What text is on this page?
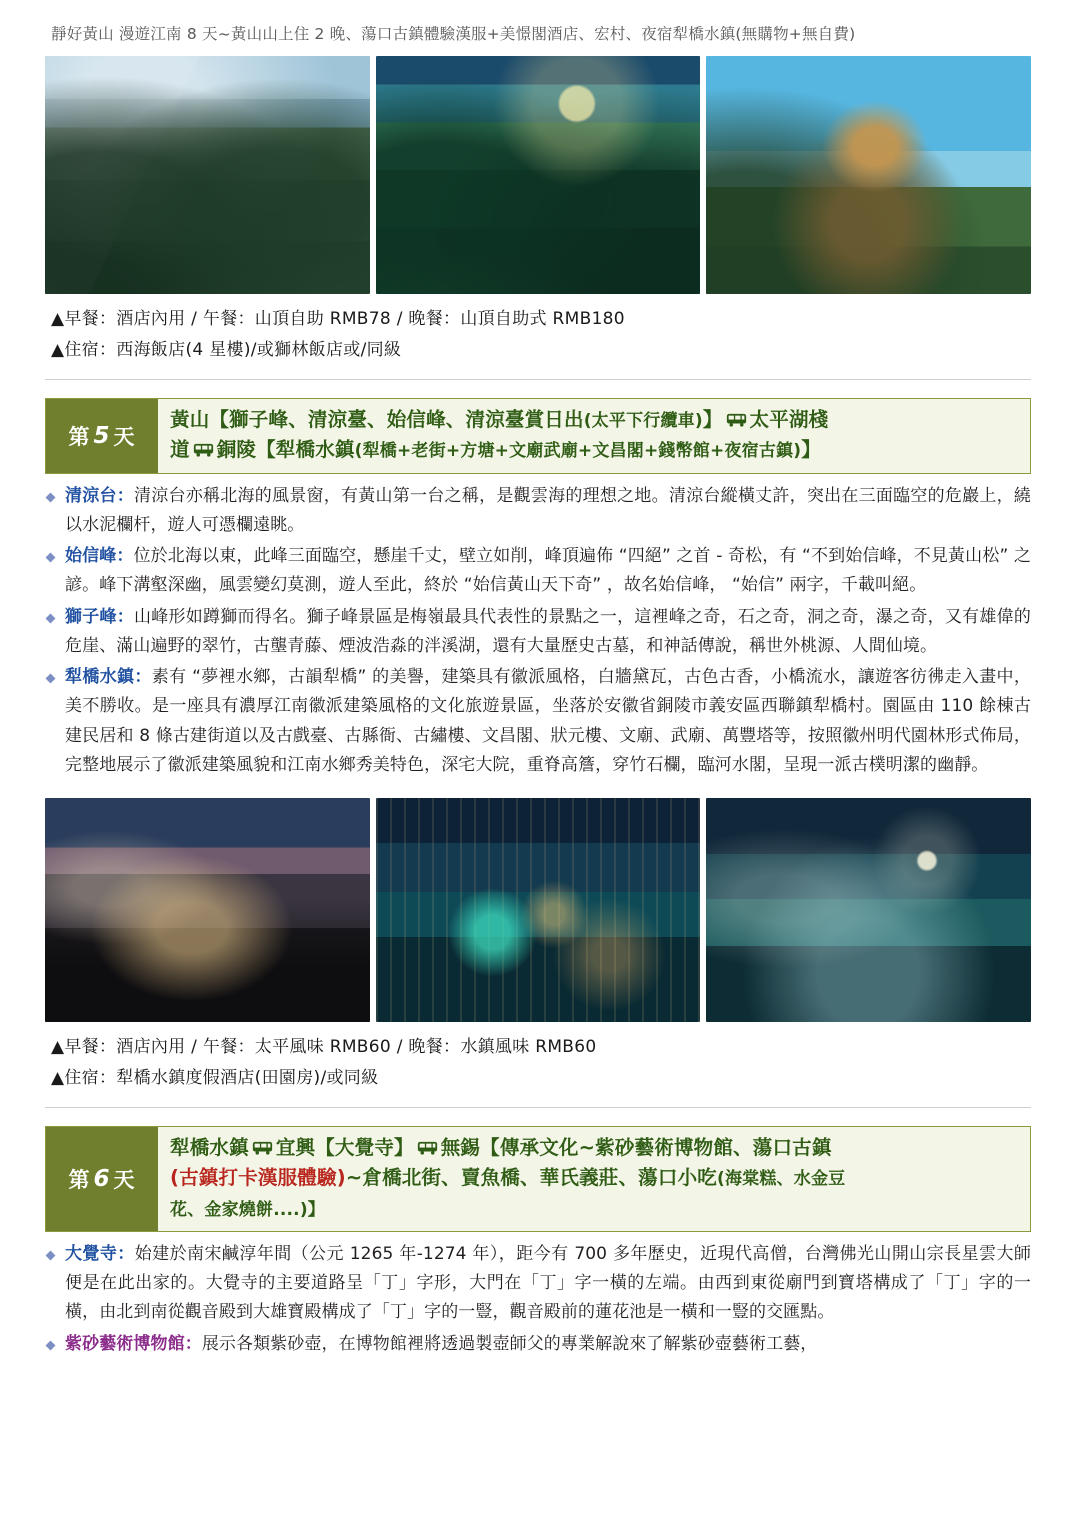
靜好黃山 漫遊江南 8 天~黃山山上住 2 晚、蕩口古鎮體驗漢服+美憬閣酒店、宏村、夜宿犁橋水鎮(無購物+無自費)
▲早餐：酒店內用 / 午餐：山頂自助 RMB78 / 晚餐：山頂自助式 RMB180
▲住宿：西海飯店(4 星樓)/或獅林飯店或/同級
第 5 天
黃山【獅子峰、清涼臺、始信峰、清涼臺賞日出(太平下行纜車)】 太平湖棧
道 銅陵【犁橋水鎮(犁橋+老街+方塘+文廟武廟+文昌閣+錢幣館+夜宿古鎮)】
清涼台：清涼台亦稱北海的風景窗，有黃山第一台之稱，是觀雲海的理想之地。清涼台縱橫丈許，突出在三面臨空的危巖上，繞以水泥欄杆，遊人可憑欄遠眺。
始信峰：位於北海以東，此峰三面臨空，懸崖千丈，壁立如削，峰頂遍佈 “四絕” 之首 - 奇松，有 “不到始信峰，不見黃山松” 之諺。峰下溝壑深幽，風雲變幻莫測，遊人至此，終於 “始信黃山天下奇” ，故名始信峰， “始信” 兩字，千載叫絕。
獅子峰：山峰形如蹲獅而得名。獅子峰景區是梅嶺最具代表性的景點之一，這裡峰之奇，石之奇，洞之奇，瀑之奇，又有雄偉的危崖、滿山遍野的翠竹，古壟青藤、煙波浩淼的泮溪湖，還有大量歷史古墓，和神話傳說，稱世外桃源、人間仙境。
犁橋水鎮：素有 “夢裡水鄉，古韻犁橋” 的美譽，建築具有徽派風格，白牆黛瓦，古色古香，小橋流水，讓遊客彷彿走入畫中，美不勝收。是一座具有濃厚江南徽派建築風格的文化旅遊景區，坐落於安徽省銅陵市義安區西聯鎮犁橋村。園區由 110 餘棟古建民居和 8 條古建街道以及古戲臺、古縣衙、古繡樓、文昌閣、狀元樓、文廟、武廟、萬豐塔等，按照徽州明代園林形式佈局，完整地展示了徽派建築風貌和江南水鄉秀美特色，深宅大院，重脊高簷，穿竹石欄，臨河水閣，呈現一派古樸明潔的幽靜。
▲早餐：酒店內用 / 午餐：太平風味 RMB60 / 晚餐：水鎮風味 RMB60
▲住宿：犁橋水鎮度假酒店(田園房)/或同級
第 6 天
犁橋水鎮 宜興【大覺寺】 無錫【傳承文化~紫砂藝術博物館、蕩口古鎮
(古鎮打卡漢服體驗)~倉橋北街、賣魚橋、華氏義莊、蕩口小吃(海棠糕、水金豆
花、金家燒餅....)】
大覺寺：始建於南宋鹹淳年間（公元 1265 年-1274 年），距今有 700 多年歷史，近現代高僧，台灣佛光山開山宗長星雲大師便是在此出家的。大覺寺的主要道路呈「丁」字形，大門在「丁」字一橫的左端。由西到東從廟門到寶塔構成了「丁」字的一橫，由北到南從觀音殿到大雄寶殿構成了「丁」字的一豎，觀音殿前的蓮花池是一橫和一豎的交匯點。
紫砂藝術博物館：展示各類紫砂壺，在博物館裡將透過製壺師父的專業解說來了解紫砂壺藝術工藝，
